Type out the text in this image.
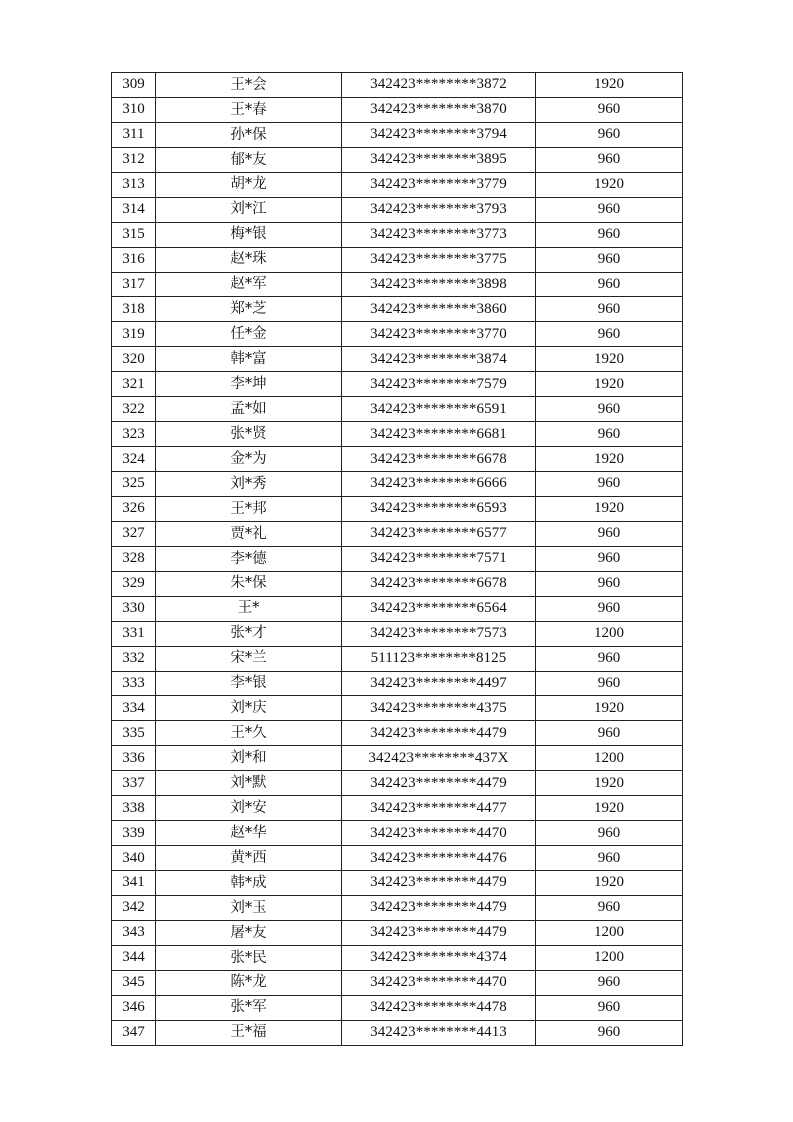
309	王*会	342423********3872	1920
310	王*春	342423********3870	960
311	孙*保	342423********3794	960
312	郁*友	342423********3895	960
313	胡*龙	342423********3779	1920
314	刘*江	342423********3793	960
315	梅*银	342423********3773	960
316	赵*珠	342423********3775	960
317	赵*军	342423********3898	960
318	郑*芝	342423********3860	960
319	任*金	342423********3770	960
320	韩*富	342423********3874	1920
321	李*坤	342423********7579	1920
322	孟*如	342423********6591	960
323	张*贤	342423********6681	960
324	金*为	342423********6678	1920
325	刘*秀	342423********6666	960
326	王*邦	342423********6593	1920
327	贾*礼	342423********6577	960
328	李*德	342423********7571	960
329	朱*保	342423********6678	960
330	王*	342423********6564	960
331	张*才	342423********7573	1200
332	宋*兰	511123********8125	960
333	李*银	342423********4497	960
334	刘*庆	342423********4375	1920
335	王*久	342423********4479	960
336	刘*和	342423********437X	1200
337	刘*默	342423********4479	1920
338	刘*安	342423********4477	1920
339	赵*华	342423********4470	960
340	黄*西	342423********4476	960
341	韩*成	342423********4479	1920
342	刘*玉	342423********4479	960
343	屠*友	342423********4479	1200
344	张*民	342423********4374	1200
345	陈*龙	342423********4470	960
346	张*军	342423********4478	960
347	王*福	342423********4413	960
